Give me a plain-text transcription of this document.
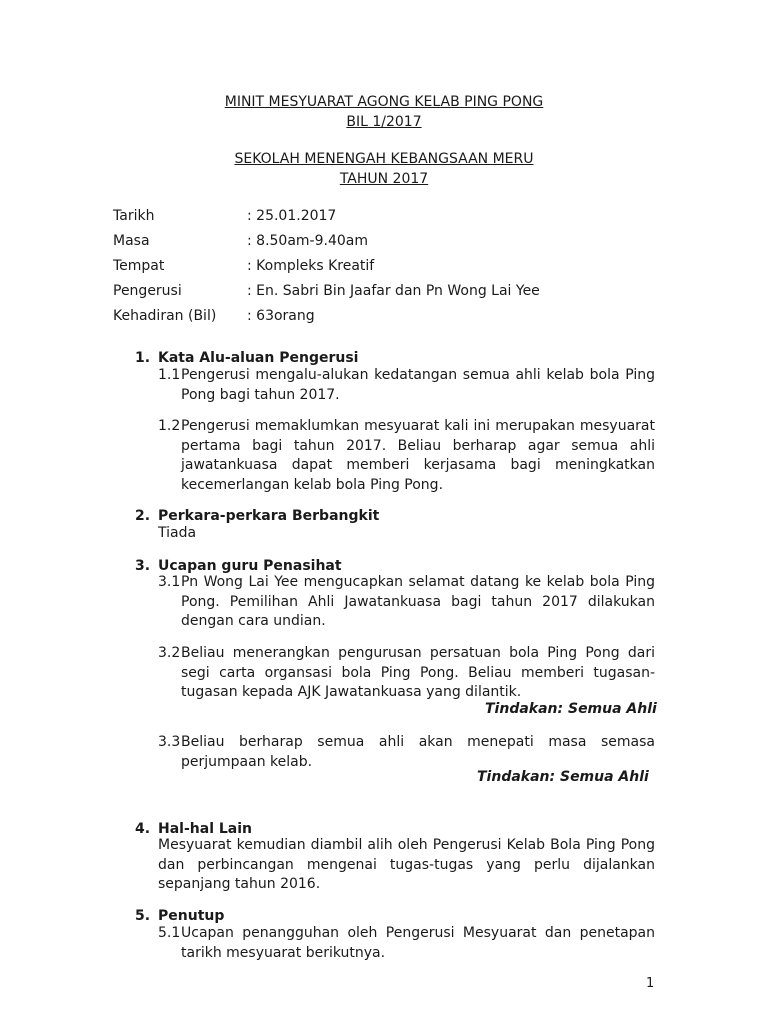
MINIT MESYUARAT AGONG KELAB PING PONG
BIL 1/2017
SEKOLAH MENENGAH KEBANGSAAN MERU
TAHUN 2017
Tarikh	: 25.01.2017
Masa	: 8.50am-9.40am
Tempat	: Kompleks Kreatif
Pengerusi	: En. Sabri Bin Jaafar dan Pn Wong Lai Yee
Kehadiran (Bil) : 63orang
1. Kata Alu-aluan Pengerusi
1.1 Pengerusi mengalu-alukan kedatangan semua ahli kelab bola Ping Pong bagi tahun 2017.
1.2 Pengerusi memaklumkan mesyuarat kali ini merupakan mesyuarat pertama bagi tahun 2017. Beliau berharap agar semua ahli jawatankuasa dapat memberi kerjasama bagi meningkatkan kecemerlangan kelab bola Ping Pong.
2. Perkara-perkara Berbangkit
Tiada
3. Ucapan guru Penasihat
3.1 Pn Wong Lai Yee mengucapkan selamat datang ke kelab bola Ping Pong. Pemilihan Ahli Jawatankuasa bagi tahun 2017 dilakukan dengan cara undian.
3.2 Beliau menerangkan pengurusan persatuan bola Ping Pong dari segi carta organsasi bola Ping Pong. Beliau memberi tugasan-tugasan kepada AJK Jawatankuasa yang dilantik.
Tindakan: Semua Ahli
3.3 Beliau berharap semua ahli akan menepati masa semasa perjumpaan kelab.
Tindakan: Semua Ahli
4. Hal-hal Lain
Mesyuarat kemudian diambil alih oleh Pengerusi Kelab Bola Ping Pong dan perbincangan mengenai tugas-tugas yang perlu dijalankan sepanjang tahun 2016.
5. Penutup
5.1 Ucapan penangguhan oleh Pengerusi Mesyuarat dan penetapan tarikh mesyuarat berikutnya.
1
